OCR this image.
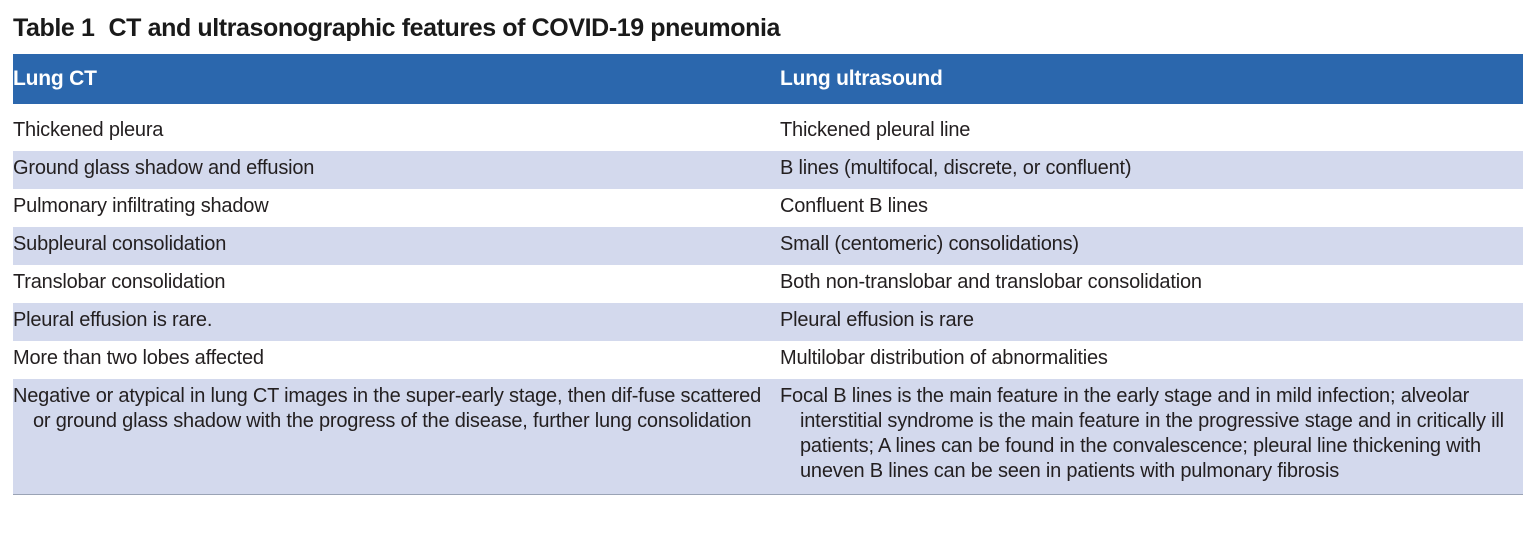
Table 1 CT and ultrasonographic features of COVID-19 pneumonia
Lung CT	Lung ultrasound

Thickened pleura	Thickened pleural line
Ground glass shadow and effusion	B lines (multifocal, discrete, or confluent)
Pulmonary infiltrating shadow	Confluent B lines
Subpleural consolidation	Small (centomeric) consolidations)
Translobar consolidation	Both non-translobar and translobar consolidation
Pleural effusion is rare.	Pleural effusion is rare
More than two lobes affected	Multilobar distribution of abnormalities

Negative or atypical in lung CT images in the super-early stage, then dif-fuse scattered or ground glass shadow with the progress of the disease, further lung consolidation	Focal B lines is the main feature in the early stage and in mild infection; alveolar interstitial syndrome is the main feature in the progressive stage and in critically ill patients; A lines can be found in the convalescence; pleural line thickening with uneven B lines can be seen in patients with pulmonary fibrosis
